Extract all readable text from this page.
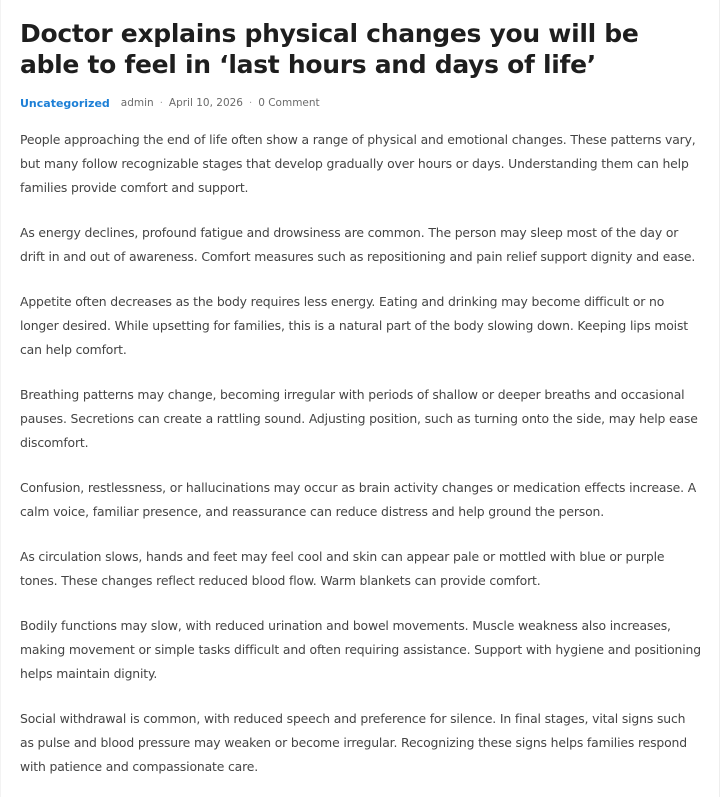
Doctor explains physical changes you will be able to feel in ‘last hours and days of life’
Uncategorized admin · April 10, 2026 · 0 Comment

People approaching the end of life often show a range of physical and emotional changes. These patterns vary, but many follow recognizable stages that develop gradually over hours or days. Understanding them can help families provide comfort and support.

As energy declines, profound fatigue and drowsiness are common. The person may sleep most of the day or drift in and out of awareness. Comfort measures such as repositioning and pain relief support dignity and ease.

Appetite often decreases as the body requires less energy. Eating and drinking may become difficult or no longer desired. While upsetting for families, this is a natural part of the body slowing down. Keeping lips moist can help comfort.

Breathing patterns may change, becoming irregular with periods of shallow or deeper breaths and occasional pauses. Secretions can create a rattling sound. Adjusting position, such as turning onto the side, may help ease discomfort.

Confusion, restlessness, or hallucinations may occur as brain activity changes or medication effects increase. A calm voice, familiar presence, and reassurance can reduce distress and help ground the person.

As circulation slows, hands and feet may feel cool and skin can appear pale or mottled with blue or purple tones. These changes reflect reduced blood flow. Warm blankets can provide comfort.

Bodily functions may slow, with reduced urination and bowel movements. Muscle weakness also increases, making movement or simple tasks difficult and often requiring assistance. Support with hygiene and positioning helps maintain dignity.

Social withdrawal is common, with reduced speech and preference for silence. In final stages, vital signs such as pulse and blood pressure may weaken or become irregular. Recognizing these signs helps families respond with patience and compassionate care.
